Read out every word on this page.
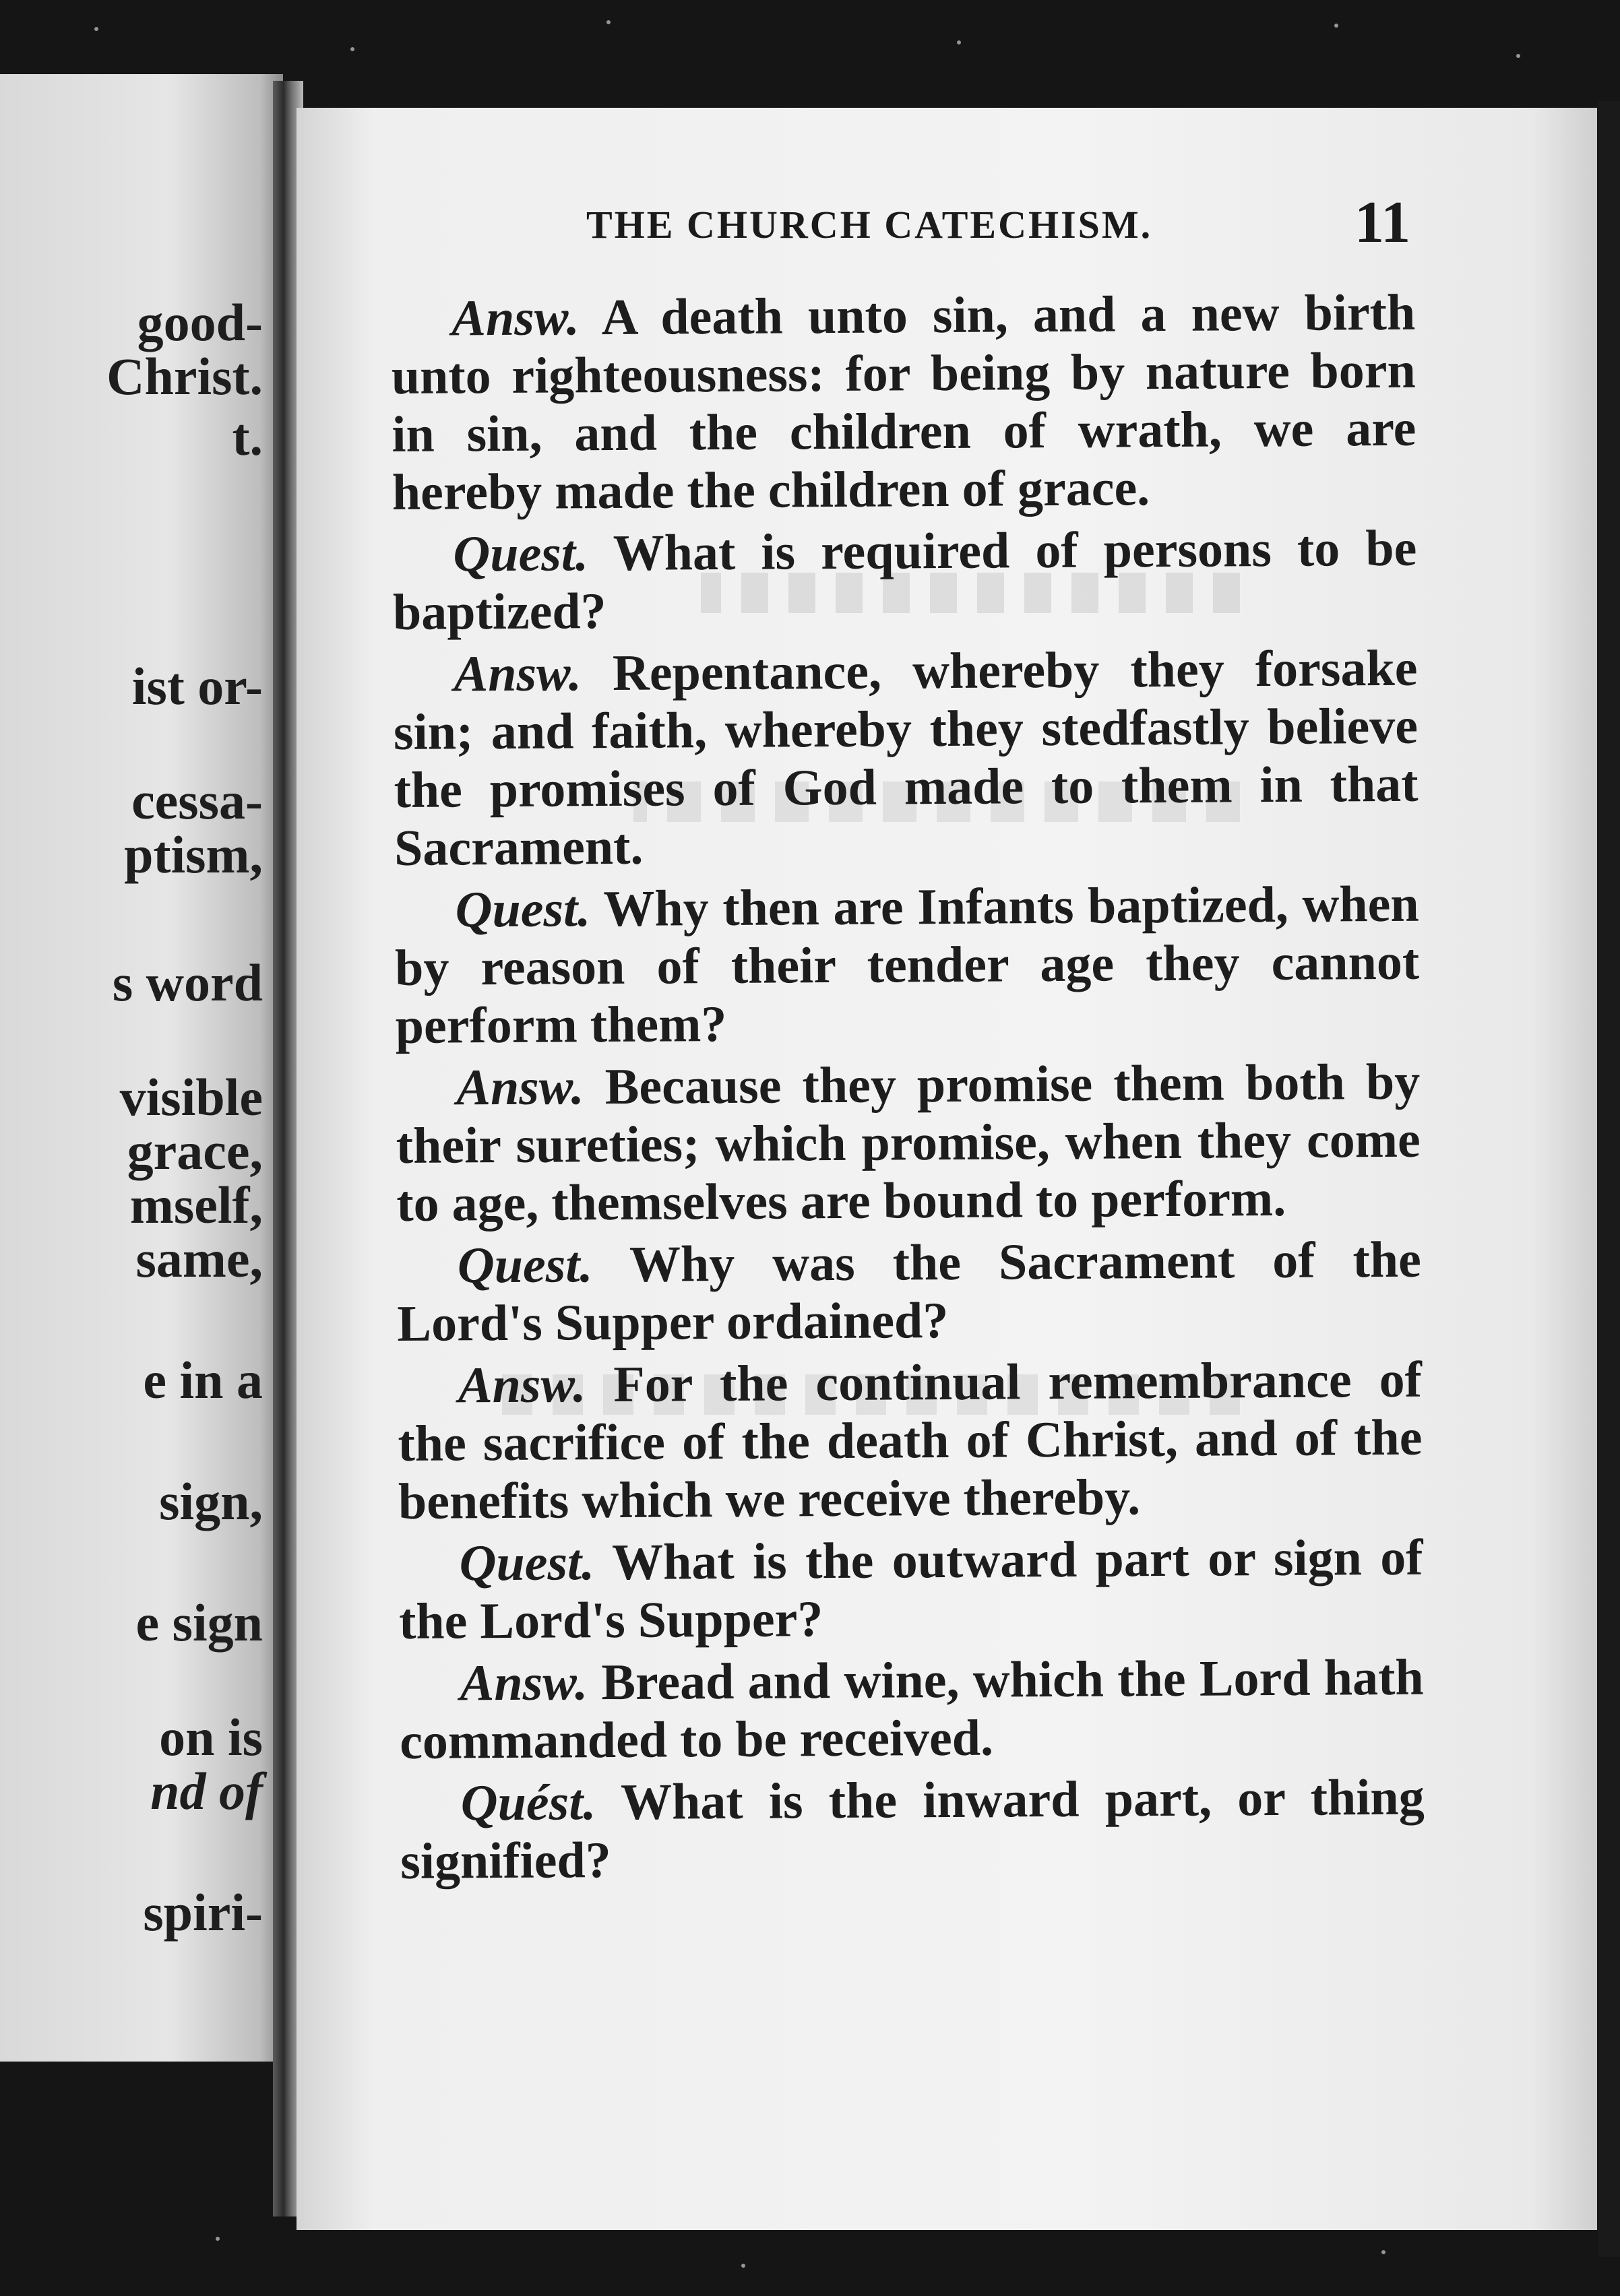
good-
Christ.
t.
ist or-
cessa-
ptism,
s word
visible
grace,
mself,
same,
e in a
sign,
e sign
on is
nd of
spiri-
THE CHURCH CATECHISM.	11

Answ. A death unto sin, and a new birth unto righteousness: for being by nature born in sin, and the children of wrath, we are hereby made the children of grace.

Quest. What is required of persons to be baptized?

Answ. Repentance, whereby they forsake sin; and faith, whereby they stedfastly believe the promises of God made to them in that Sacrament.

Quest. Why then are Infants baptized, when by reason of their tender age they cannot perform them?

Answ. Because they promise them both by their sureties; which promise, when they come to age, themselves are bound to perform.

Quest. Why was the Sacrament of the Lord's Supper ordained?

Answ. For the continual remembrance of the sacrifice of the death of Christ, and of the benefits which we receive thereby.

Quest. What is the outward part or sign of the Lord's Supper?

Answ. Bread and wine, which the Lord hath commanded to be received.

Quést. What is the inward part, or thing signified?
